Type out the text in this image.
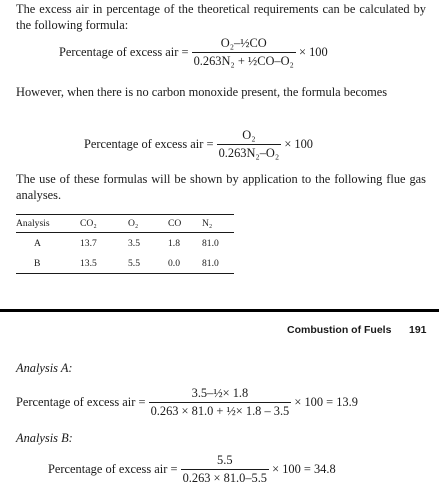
The excess air in percentage of the theoretical requirements can be calculated by the following formula:
Percentage of excess air = $\frac{\text{O₂–½CO}}{\text{0.263N₂ + ½CO–O₂}} \times 100$
However, when there is no carbon monoxide present, the formula becomes
Percentage of excess air = $\frac{\text{O₂}}{\text{0.263N₂–O₂}} \times 100$
The use of these formulas will be shown by application to the following flue gas analyses.
Analysis	CO₂	O₂	CO	N₂
A	13.7	3.5	1.8	81.0
B	13.5	5.5	0.0	81.0
Combustion of Fuels 191
Analysis A:
Percentage of excess air = $\frac{\text{3.5–½× 1.8}}{\text{0.263 × 81.0 + ½× 1.8 – 3.5}} \times 100 = 13.9$
Analysis B:
Percentage of excess air = $\frac{5.5}{0.263 \times 81.0-5.5} \times 100 = 34.8$
